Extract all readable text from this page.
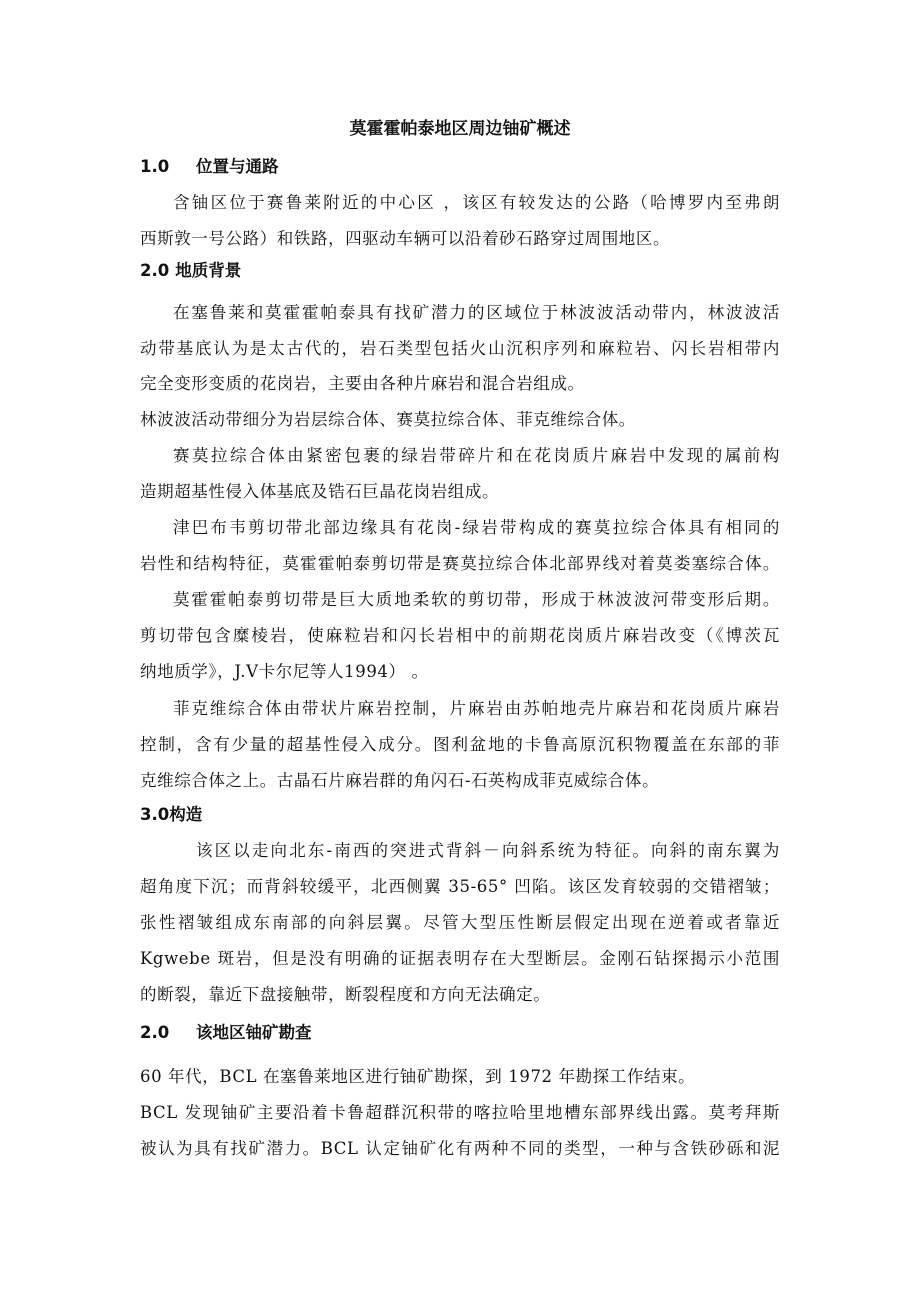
莫霍霍帕泰地区周边铀矿概述
1.0 位置与通路
含铀区位于赛鲁莱附近的中心区 ，该区有较发达的公路（哈博罗内至弗朗
西斯敦一号公路）和铁路，四驱动车辆可以沿着砂石路穿过周围地区。
2.0 地质背景
在塞鲁莱和莫霍霍帕泰具有找矿潜力的区域位于林波波活动带内，林波波活
动带基底认为是太古代的，岩石类型包括火山沉积序列和麻粒岩、闪长岩相带内
完全变形变质的花岗岩，主要由各种片麻岩和混合岩组成。
林波波活动带细分为岩层综合体、赛莫拉综合体、菲克维综合体。
赛莫拉综合体由紧密包裹的绿岩带碎片和在花岗质片麻岩中发现的属前构
造期超基性侵入体基底及锆石巨晶花岗岩组成。
津巴布韦剪切带北部边缘具有花岗-绿岩带构成的赛莫拉综合体具有相同的
岩性和结构特征，莫霍霍帕泰剪切带是赛莫拉综合体北部界线对着莫娄塞综合体。
莫霍霍帕泰剪切带是巨大质地柔软的剪切带，形成于林波波河带变形后期。
剪切带包含糜棱岩，使麻粒岩和闪长岩相中的前期花岗质片麻岩改变（《博茨瓦
纳地质学》，J.V卡尔尼等人1994） 。
菲克维综合体由带状片麻岩控制，片麻岩由苏帕地壳片麻岩和花岗质片麻岩
控制，含有少量的超基性侵入成分。图利盆地的卡鲁高原沉积物覆盖在东部的菲
克维综合体之上。古晶石片麻岩群的角闪石-石英构成菲克威综合体。
3.0构造
该区以走向北东-南西的突进式背斜－向斜系统为特征。向斜的南东翼为
超角度下沉；而背斜较缓平，北西侧翼 35-65° 凹陷。该区发育较弱的交错褶皱；
张性褶皱组成东南部的向斜层翼。尽管大型压性断层假定出现在逆着或者靠近
Kgwebe 斑岩，但是没有明确的证据表明存在大型断层。金刚石钻探揭示小范围
的断裂，靠近下盘接触带，断裂程度和方向无法确定。
2.0 该地区铀矿勘查
60 年代，BCL 在塞鲁莱地区进行铀矿勘探，到 1972 年勘探工作结束。
BCL 发现铀矿主要沿着卡鲁超群沉积带的喀拉哈里地槽东部界线出露。莫考拜斯
被认为具有找矿潜力。BCL 认定铀矿化有两种不同的类型，一种与含铁砂砾和泥
